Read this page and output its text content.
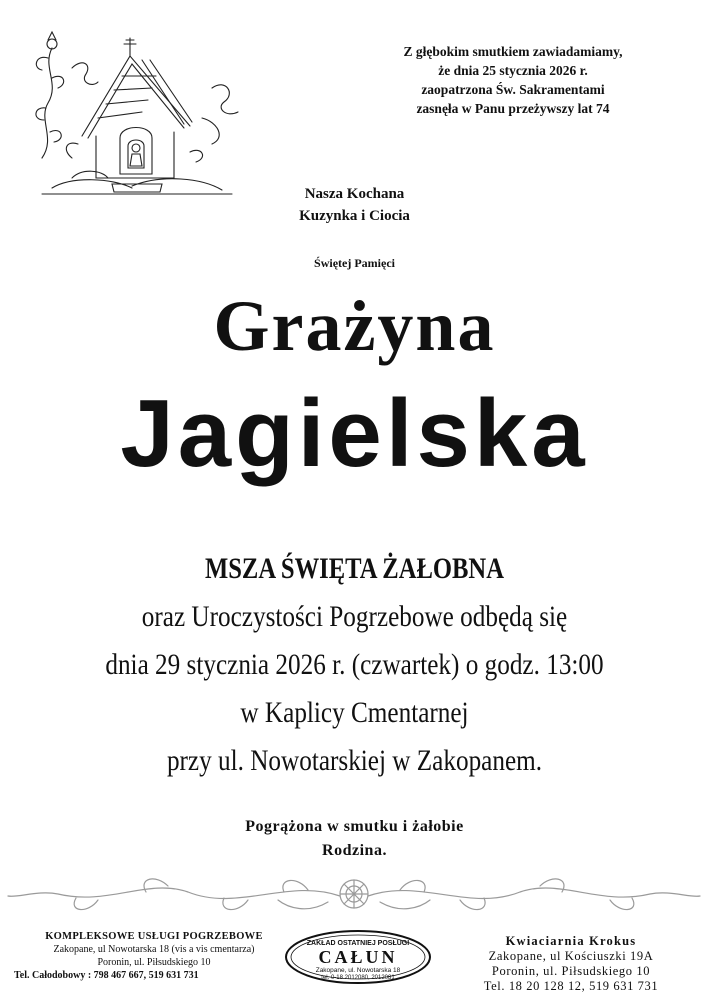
Z głębokim smutkiem zawiadamiamy,
że dnia 25 stycznia 2026 r.
zaopatrzona Św. Sakramentami
zasnęła w Panu przeżywszy lat 74
Nasza Kochana
Kuzynka i Ciocia
Świętej Pamięci
Grażyna
Jagielska
MSZA ŚWIĘTA ŻAŁOBNA
oraz Uroczystości Pogrzebowe odbędą się
dnia 29 stycznia 2026 r. (czwartek) o godz. 13:00
w Kaplicy Cmentarnej
przy ul. Nowotarskiej w Zakopanem.
Pogrążona w smutku i żałobie
Rodzina.
KOMPLEKSOWE USŁUGI POGRZEBOWE
Zakopane, ul Nowotarska 18 (vis a vis cmentarza)
Poronin, ul. Piłsudskiego 10
Tel. Całodobowy : 798 467 667, 519 631 731
ZAKŁAD OSTATNIEJ POSŁUGI
CAŁUN
Zakopane, ul. Nowotarska 18
tel. 0-18 2012080, 2012081
Kwiaciarnia Krokus
Zakopane, ul Kościuszki 19A
Poronin, ul. Piłsudskiego 10
Tel. 18 20 128 12, 519 631 731
